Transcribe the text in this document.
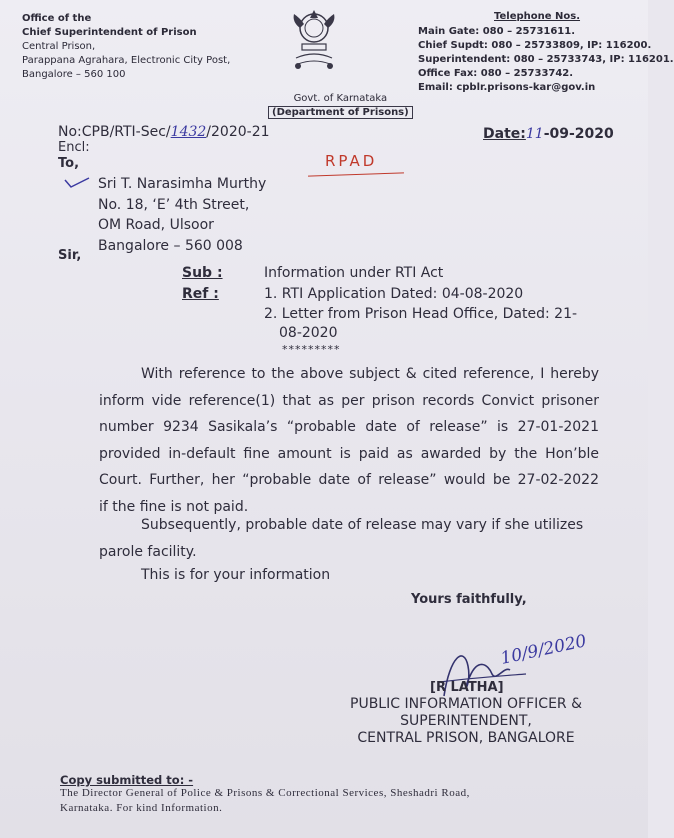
Office of the
Chief Superintendent of Prison
Central Prison,
Parappana Agrahara, Electronic City Post,
Bangalore – 560 100
Telephone Nos.
Main Gate: 080 – 25731611.
Chief Supdt: 080 – 25733809, IP: 116200.
Superintendent: 080 – 25733743, IP: 116201.
Office Fax: 080 – 25733742.
Email: cpblr.prisons-kar@gov.in
Govt. of Karnataka
(Department of Prisons)
No:CPB/RTI-Sec/1432/2020-21	Date:11-09-2020
Encl:
To,	RPAD
Sri T. Narasimha Murthy
No. 18, ‘E’ 4th Street,
OM Road, Ulsoor
Bangalore – 560 008
Sir,
Sub :	Information under RTI Act
Ref :	1. RTI Application Dated: 04-08-2020
2. Letter from Prison Head Office, Dated: 21-
08-2020
*********
With reference to the above subject & cited reference, I hereby
inform vide reference(1) that as per prison records Convict prisoner
number 9234 Sasikala’s “probable date of release” is 27-01-2021
provided in-default fine amount is paid as awarded by the Hon’ble
Court. Further, her “probable date of release” would be 27-02-2022
if the fine is not paid.
Subsequently, probable date of release may vary if she utilizes
parole facility.
This is for your information
Yours faithfully,
10/9/2020
[R LATHA]
PUBLIC INFORMATION OFFICER &
SUPERINTENDENT,
CENTRAL PRISON, BANGALORE
Copy submitted to: -
The Director General of Police & Prisons & Correctional Services, Sheshadri Road,
Karnataka. For kind Information.
